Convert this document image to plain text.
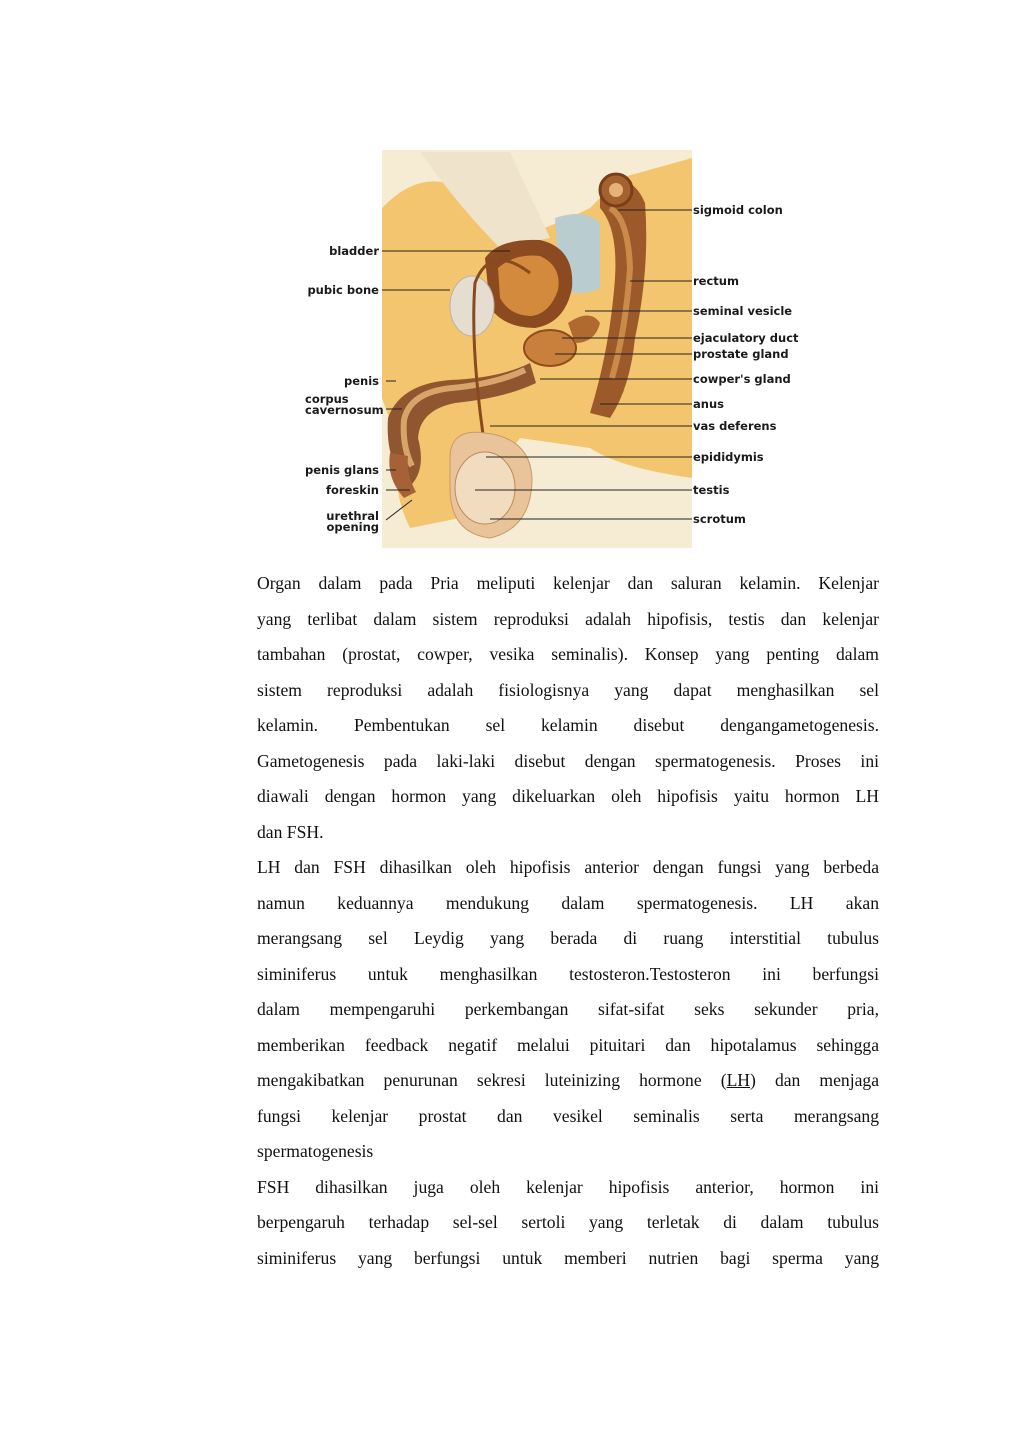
bladder
pubic bone
penis
corpus
cavernosum
penis glans
foreskin
urethral
opening
sigmoid colon
rectum
seminal vesicle
ejaculatory duct
prostate gland
cowper's gland
anus
vas deferens
epididymis
testis
scrotum
Organ dalam pada Pria meliputi kelenjar dan saluran kelamin. Kelenjar
yang terlibat dalam sistem reproduksi adalah hipofisis, testis dan kelenjar
tambahan (prostat, cowper, vesika seminalis). Konsep yang penting dalam
sistem reproduksi adalah fisiologisnya yang dapat menghasilkan sel
kelamin. Pembentukan sel kelamin disebut dengangametogenesis.
Gametogenesis pada laki-laki disebut dengan spermatogenesis. Proses ini
diawali dengan hormon yang dikeluarkan oleh hipofisis yaitu hormon LH
dan FSH.
LH dan FSH dihasilkan oleh hipofisis anterior dengan fungsi yang berbeda
namun keduannya mendukung dalam spermatogenesis. LH akan
merangsang sel Leydig yang berada di ruang interstitial tubulus
siminiferus untuk menghasilkan testosteron.Testosteron ini berfungsi
dalam mempengaruhi perkembangan sifat-sifat seks sekunder pria,
memberikan feedback negatif melalui pituitari dan hipotalamus sehingga
mengakibatkan penurunan sekresi luteinizing hormone (LH) dan menjaga
fungsi kelenjar prostat dan vesikel seminalis serta merangsang
spermatogenesis
FSH dihasilkan juga oleh kelenjar hipofisis anterior, hormon ini
berpengaruh terhadap sel-sel sertoli yang terletak di dalam tubulus
siminiferus yang berfungsi untuk memberi nutrien bagi sperma yang
